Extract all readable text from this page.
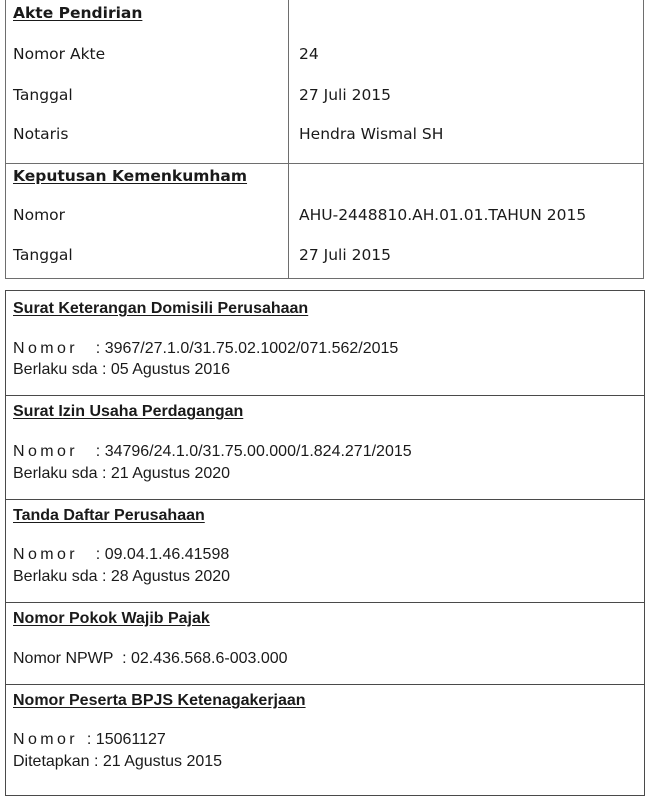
Akte Pendirian
Nomor Akte	24
Tanggal	27 Juli 2015
Notaris	Hendra Wismal SH
Keputusan Kemenkumham
Nomor	AHU-2448810.AH.01.01.TAHUN 2015
Tanggal	27 Juli 2015
Surat Keterangan Domisili Perusahaan
Nomor : 3967/27.1.0/31.75.02.1002/071.562/2015
Berlaku sda : 05 Agustus 2016
Surat Izin Usaha Perdagangan
Nomor : 34796/24.1.0/31.75.00.000/1.824.271/2015
Berlaku sda : 21 Agustus 2020
Tanda Daftar Perusahaan
Nomor : 09.04.1.46.41598
Berlaku sda : 28 Agustus 2020
Nomor Pokok Wajib Pajak
Nomor NPWP : 02.436.568.6-003.000
Nomor Peserta BPJS Ketenagakerjaan
Nomor : 15061127
Ditetapkan : 21 Agustus 2015
